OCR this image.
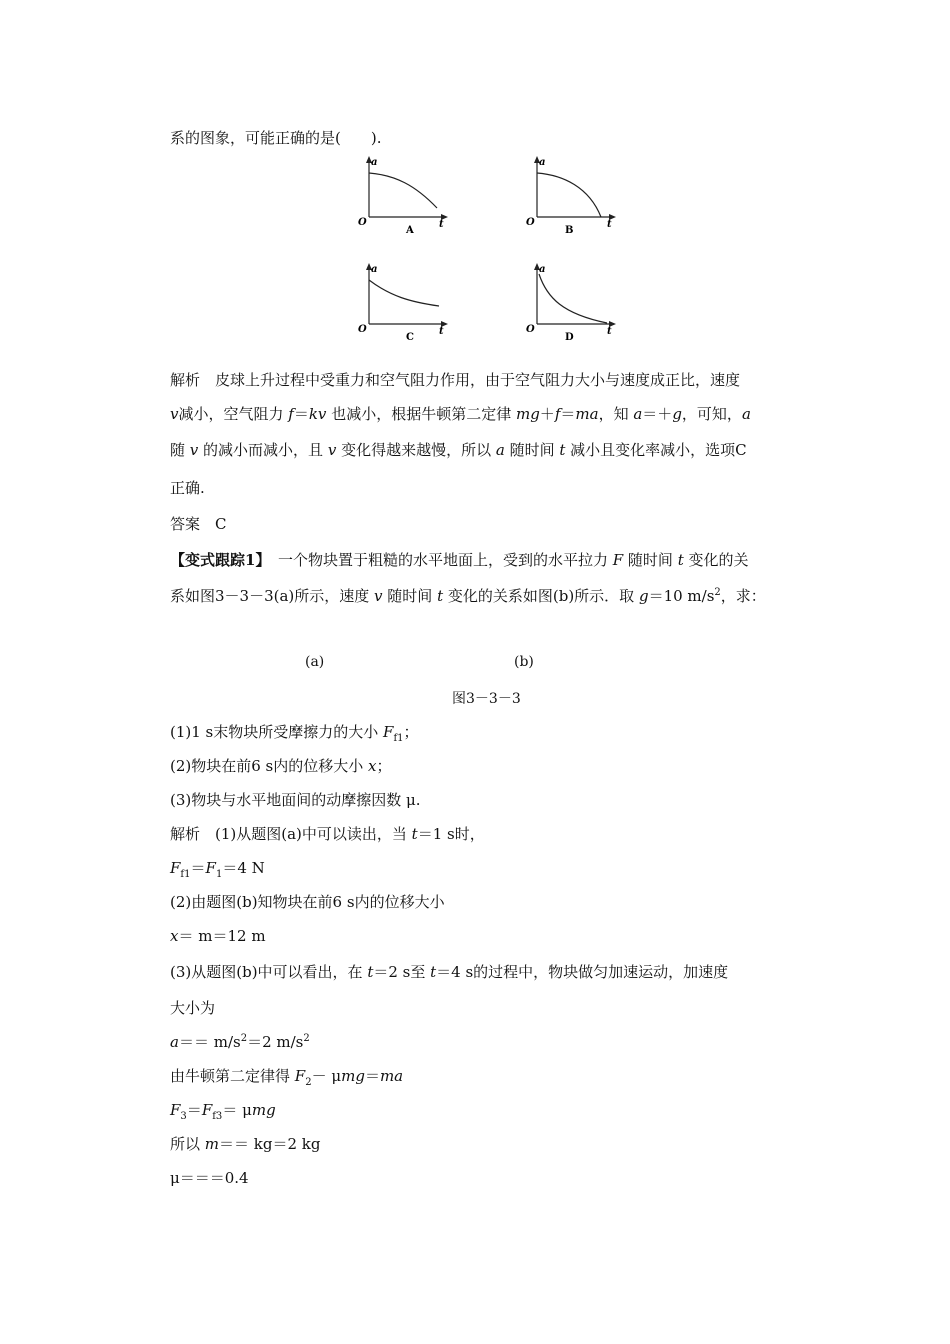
系的图象，可能正确的是(　　).
a
O	t
A
a
O	t
B
a
O	t
C
a
O	t
D
解析　皮球上升过程中受重力和空气阻力作用，由于空气阻力大小与速度成正比，速度
v减小，空气阻力 f＝kv 也减小，根据牛顿第二定律 mg＋f＝ma，知 a＝＋g，可知，a
随 v 的减小而减小，且 v 变化得越来越慢，所以 a 随时间 t 减小且变化率减小，选项C
正确.
答案　C
【变式跟踪1】　一个物块置于粗糙的水平地面上，受到的水平拉力 F 随时间 t 变化的关
系如图3－3－3(a)所示，速度 v 随时间 t 变化的关系如图(b)所示．取 g＝10 $m/s^2$，求：
(a)	(b)
图3－3－3
(1)1 s末物块所受摩擦力的大小 $F_{f1}$；
(2)物块在前6 s内的位移大小 x；
(3)物块与水平地面间的动摩擦因数 μ.
解析　(1)从题图(a)中可以读出，当 t＝1 s时，
$F_{f1}=F_1=4$ N
(2)由题图(b)知物块在前6 s内的位移大小
x＝ m＝12 m
(3)从题图(b)中可以看出，在 t＝2 s至 t＝4 s的过程中，物块做匀加速运动，加速度
大小为
$a== m/s^2=2$ $m/s^2$
由牛顿第二定律得 $F_2- \mu mg=ma$
$F_3=F_{f3}= \mu mg$
所以 m＝＝ kg＝2 kg
μ＝＝＝0.4
